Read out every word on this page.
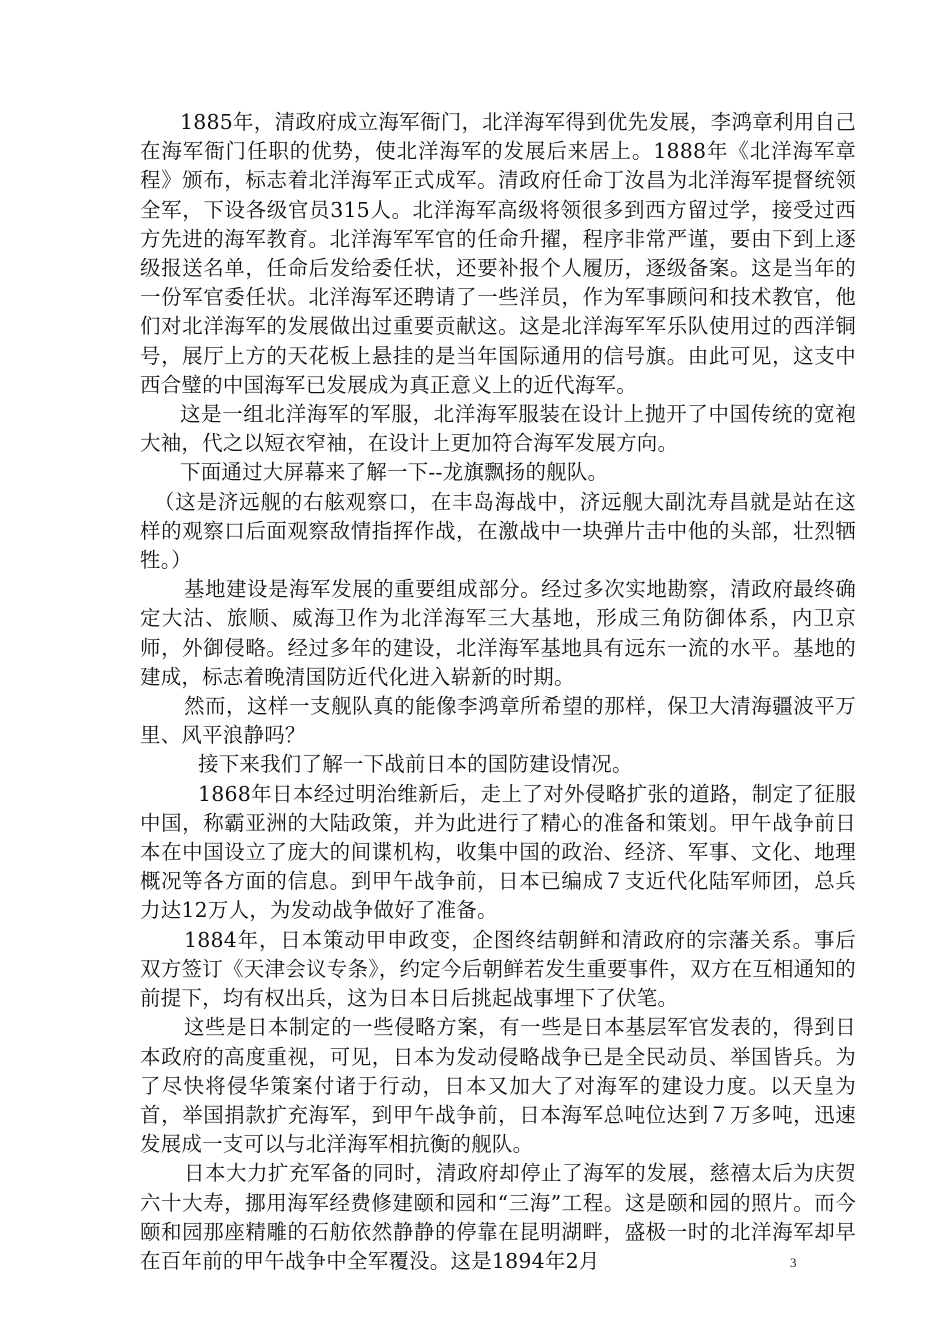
1885年，清政府成立海军衙门，北洋海军得到优先发展，李鸿章利用自己在海军衙门任职的优势，使北洋海军的发展后来居上。1888年《北洋海军章程》颁布，标志着北洋海军正式成军。清政府任命丁汝昌为北洋海军提督统领全军，下设各级官员315人。北洋海军高级将领很多到西方留过学，接受过西方先进的海军教育。北洋海军军官的任命升擢，程序非常严谨，要由下到上逐级报送名单，任命后发给委任状，还要补报个人履历，逐级备案。这是当年的一份军官委任状。北洋海军还聘请了一些洋员，作为军事顾问和技术教官，他们对北洋海军的发展做出过重要贡献这。这是北洋海军军乐队使用过的西洋铜号，展厅上方的天花板上悬挂的是当年国际通用的信号旗。由此可见，这支中西合璧的中国海军已发展成为真正意义上的近代海军。

这是一组北洋海军的军服，北洋海军服装在设计上抛开了中国传统的宽袍大袖，代之以短衣窄袖，在设计上更加符合海军发展方向。

下面通过大屏幕来了解一下--龙旗飘扬的舰队。

（这是济远舰的右舷观察口，在丰岛海战中，济远舰大副沈寿昌就是站在这样的观察口后面观察敌情指挥作战，在激战中一块弹片击中他的头部，壮烈牺牲。）

基地建设是海军发展的重要组成部分。经过多次实地勘察，清政府最终确定大沽、旅顺、威海卫作为北洋海军三大基地，形成三角防御体系，内卫京师，外御侵略。经过多年的建设，北洋海军基地具有远东一流的水平。基地的建成，标志着晚清国防近代化进入崭新的时期。

然而，这样一支舰队真的能像李鸿章所希望的那样，保卫大清海疆波平万里、风平浪静吗？

接下来我们了解一下战前日本的国防建设情况。

1868年日本经过明治维新后，走上了对外侵略扩张的道路，制定了征服中国，称霸亚洲的大陆政策，并为此进行了精心的准备和策划。甲午战争前日本在中国设立了庞大的间谍机构，收集中国的政治、经济、军事、文化、地理概况等各方面的信息。到甲午战争前，日本已编成７支近代化陆军师团，总兵力达12万人，为发动战争做好了准备。

1884年，日本策动甲申政变，企图终结朝鲜和清政府的宗藩关系。事后双方签订《天津会议专条》，约定今后朝鲜若发生重要事件，双方在互相通知的前提下，均有权出兵，这为日本日后挑起战事埋下了伏笔。

这些是日本制定的一些侵略方案，有一些是日本基层军官发表的，得到日本政府的高度重视，可见，日本为发动侵略战争已是全民动员、举国皆兵。为了尽快将侵华策案付诸于行动，日本又加大了对海军的建设力度。以天皇为首，举国捐款扩充海军，到甲午战争前，日本海军总吨位达到７万多吨，迅速发展成一支可以与北洋海军相抗衡的舰队。

日本大力扩充军备的同时，清政府却停止了海军的发展，慈禧太后为庆贺六十大寿，挪用海军经费修建颐和园和“三海”工程。这是颐和园的照片。而今颐和园那座精雕的石舫依然静静的停靠在昆明湖畔，盛极一时的北洋海军却早在百年前的甲午战争中全军覆没。这是1894年2月	3
